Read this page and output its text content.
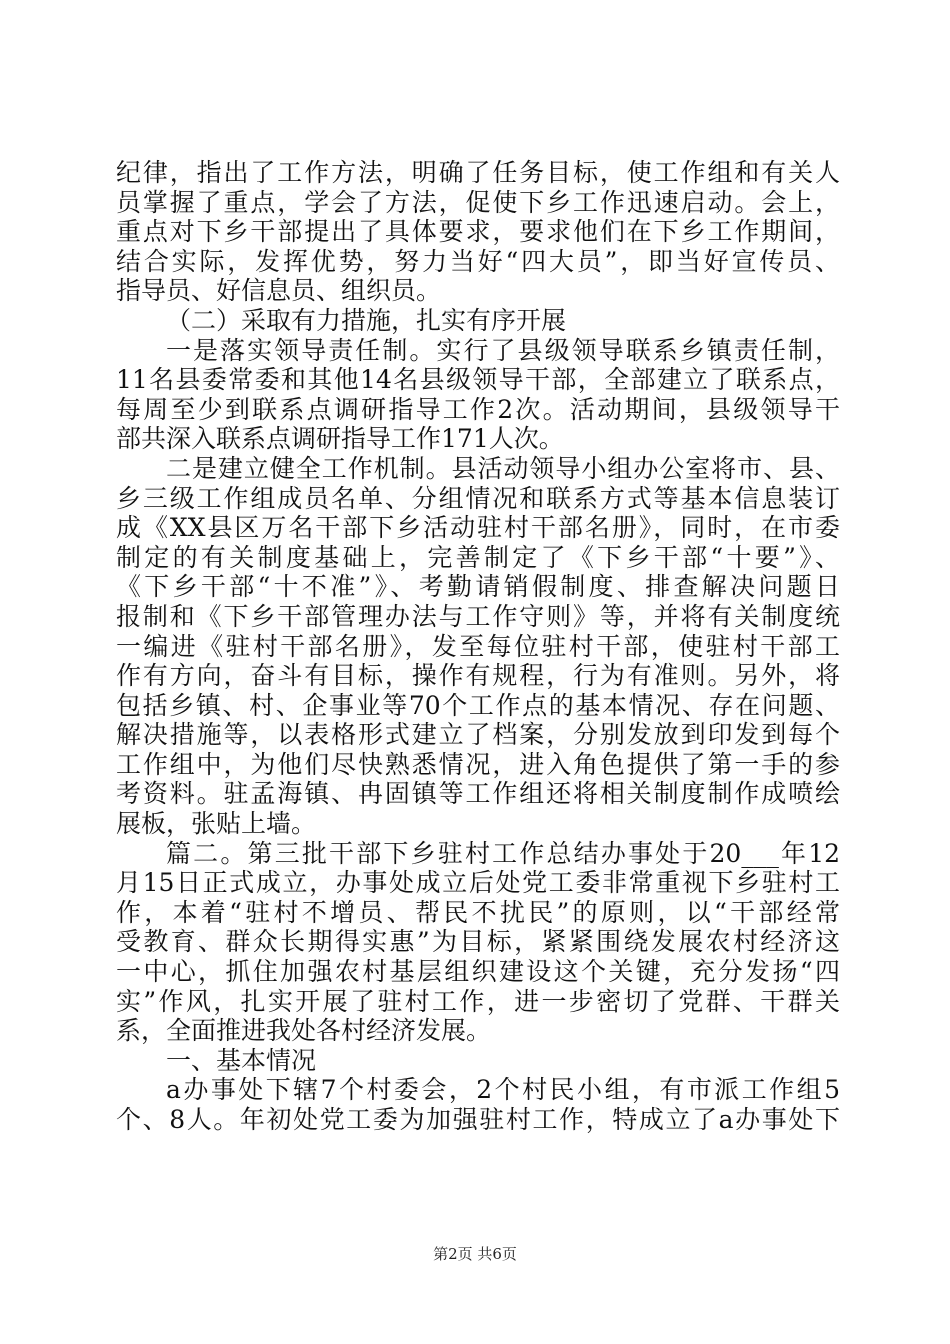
纪律，指出了工作方法，明确了任务目标，使工作组和有关人
员掌握了重点，学会了方法，促使下乡工作迅速启动。会上，
重点对下乡干部提出了具体要求，要求他们在下乡工作期间，
结合实际，发挥优势，努力当好“四大员”，即当好宣传员、
指导员、好信息员、组织员。
（二）采取有力措施，扎实有序开展
一是落实领导责任制。实行了县级领导联系乡镇责任制，
11名县委常委和其他14名县级领导干部，全部建立了联系点，
每周至少到联系点调研指导工作2次。活动期间，县级领导干
部共深入联系点调研指导工作171人次。
二是建立健全工作机制。县活动领导小组办公室将市、县、
乡三级工作组成员名单、分组情况和联系方式等基本信息装订
成《XX县区万名干部下乡活动驻村干部名册》，同时，在市委
制定的有关制度基础上，完善制定了《下乡干部“十要”》、
《下乡干部“十不准”》、考勤请销假制度、排查解决问题日
报制和《下乡干部管理办法与工作守则》等，并将有关制度统
一编进《驻村干部名册》，发至每位驻村干部，使驻村干部工
作有方向，奋斗有目标，操作有规程，行为有准则。另外，将
包括乡镇、村、企事业等70个工作点的基本情况、存在问题、
解决措施等，以表格形式建立了档案，分别发放到印发到每个
工作组中，为他们尽快熟悉情况，进入角色提供了第一手的参
考资料。驻孟海镇、冉固镇等工作组还将相关制度制作成喷绘
展板，张贴上墙。
篇二。第三批干部下乡驻村工作总结办事处于20___年12
月15日正式成立，办事处成立后处党工委非常重视下乡驻村工
作，本着“驻村不增员、帮民不扰民”的原则，以“干部经常
受教育、群众长期得实惠”为目标，紧紧围绕发展农村经济这
一中心，抓住加强农村基层组织建设这个关键，充分发扬“四
实”作风，扎实开展了驻村工作，进一步密切了党群、干群关
系，全面推进我处各村经济发展。
一、基本情况
a办事处下辖7个村委会，2个村民小组，有市派工作组5
个、8人。年初处党工委为加强驻村工作，特成立了a办事处下
第2页 共6页
